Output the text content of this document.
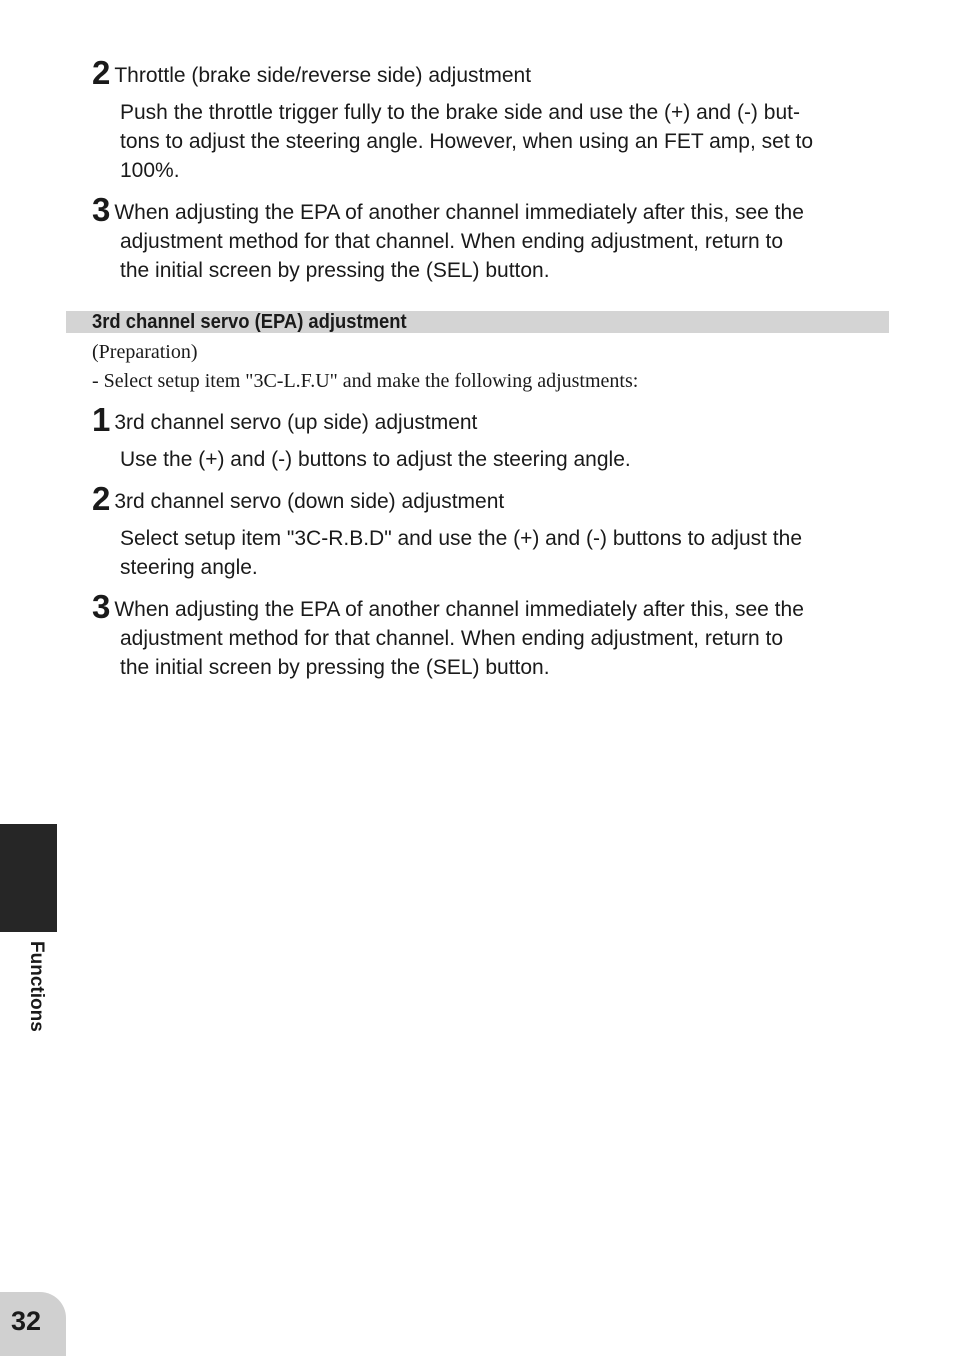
2 Throttle (brake side/reverse side) adjustment
Push the throttle trigger fully to the brake side and use the (+) and (-) but-
tons to adjust the steering angle. However, when using an FET amp, set to
100%.
3 When adjusting the EPA of another channel immediately after this, see the
adjustment method for that channel. When ending adjustment, return to
the initial screen by pressing the (SEL) button.
3rd channel servo (EPA) adjustment
(Preparation)
- Select setup item "3C-L.F.U" and make the following adjustments:
1 3rd channel servo (up side) adjustment
Use the (+) and (-) buttons to adjust the steering angle.
2 3rd channel servo (down side) adjustment
Select setup item "3C-R.B.D" and use the (+) and (-) buttons to adjust the
steering angle.
3 When adjusting the EPA of another channel immediately after this, see the
adjustment method for that channel. When ending adjustment, return to
the initial screen by pressing the (SEL) button.
Functions
32
